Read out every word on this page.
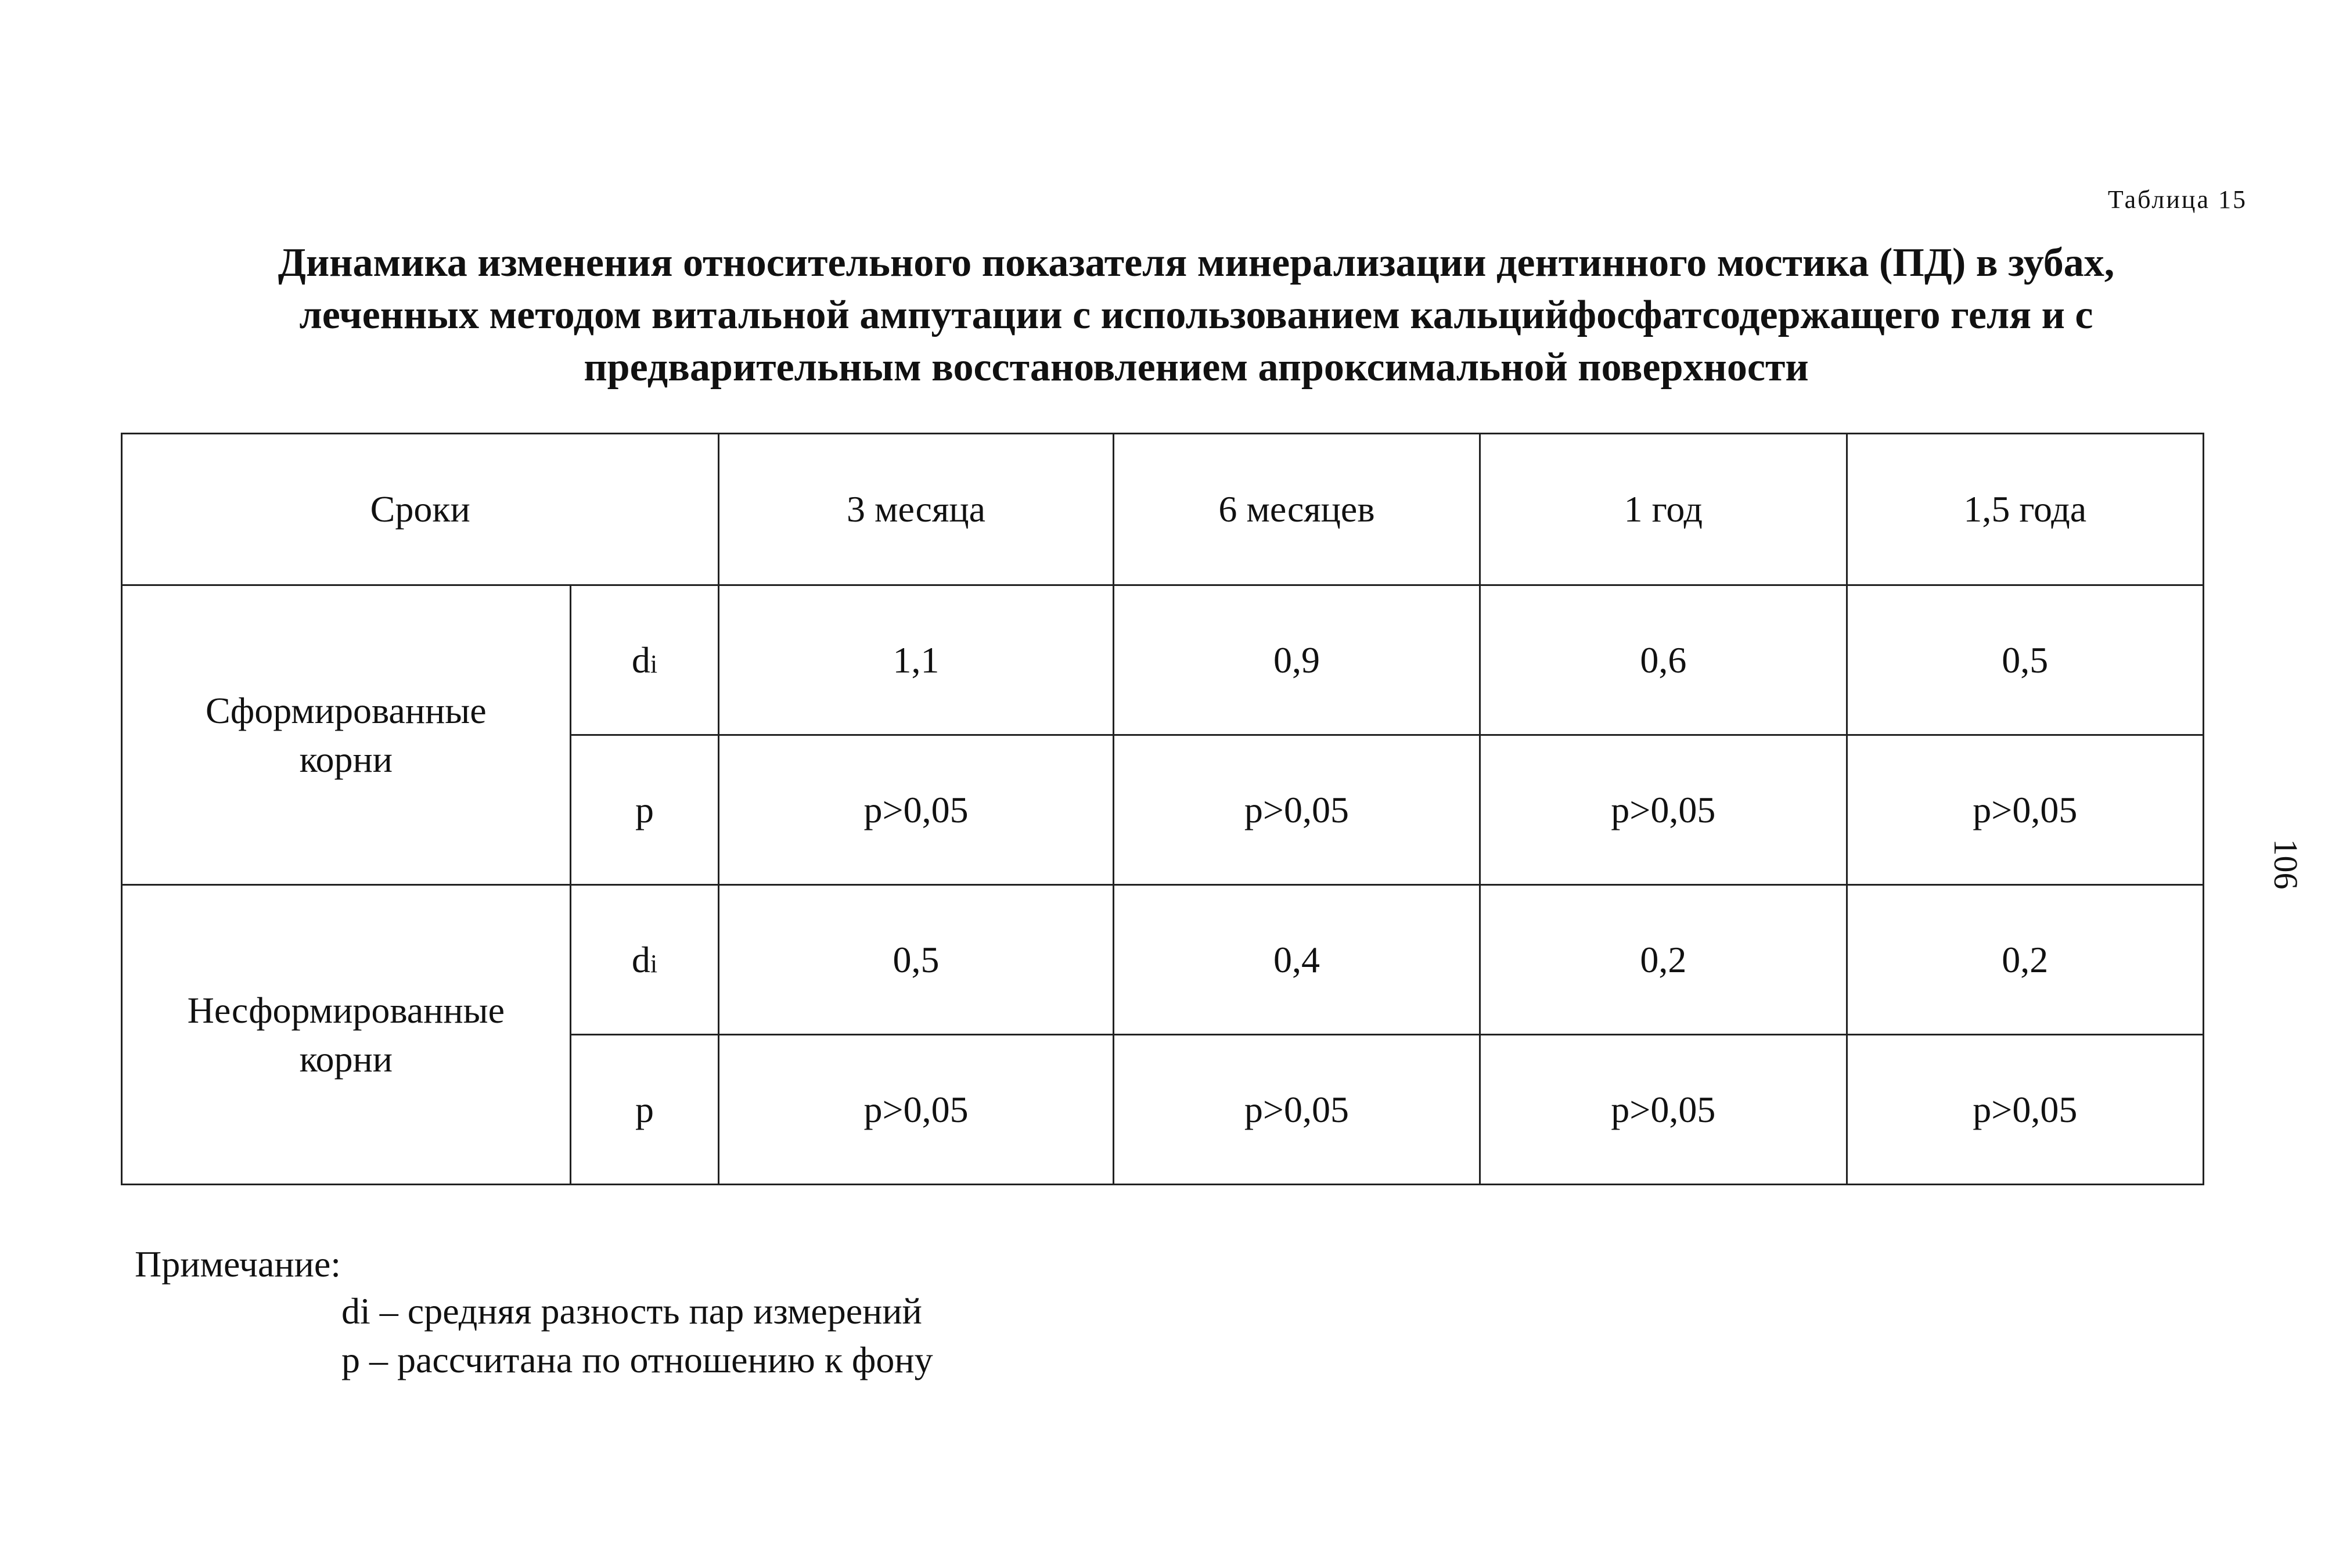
Таблица 15
Динамика изменения относительного показателя минерализации дентинного мостика (ПД) в зубах,
леченных методом витальной ампутации с использованием кальцийфосфатсодержащего геля и с
предварительным восстановлением апроксимальной поверхности
Сроки		3 месяца	6 месяцев	1 год	1,5 года

Сформированные
корни	di	1,1	0,9	0,6	0,5
	p	p>0,05	p>0,05	p>0,05	p>0,05

Несформированные
корни	di	0,5	0,4	0,2	0,2
	p	p>0,05	p>0,05	p>0,05	p>0,05
106
Примечание:
di – средняя разность пар измерений
p – рассчитана по отношению к фону
